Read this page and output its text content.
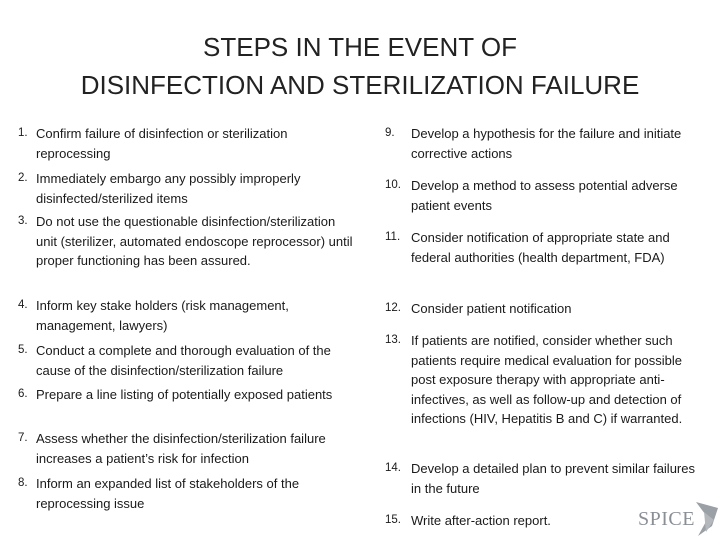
STEPS IN THE EVENT OF
DISINFECTION AND STERILIZATION FAILURE
1. Confirm failure of disinfection or sterilization reprocessing
2. Immediately embargo any possibly improperly disinfected/sterilized items
3. Do not use the questionable disinfection/sterilization unit (sterilizer, automated endoscope reprocessor) until proper functioning has been assured.
4. Inform key stake holders (risk management, management, lawyers)
5. Conduct a complete and thorough evaluation of the cause of the disinfection/sterilization failure
6. Prepare a line listing of potentially exposed patients
7. Assess whether the disinfection/sterilization failure increases a patient’s risk for infection
8. Inform an expanded list of stakeholders of the reprocessing issue
9. Develop a hypothesis for the failure and initiate corrective actions
10. Develop a method to assess potential adverse patient events
11. Consider notification of appropriate state and federal authorities (health department, FDA)
12. Consider patient notification
13. If patients are notified, consider whether such patients require medical evaluation for possible post exposure therapy with appropriate anti-infectives, as well as follow-up and detection of infections (HIV, Hepatitis B and C) if warranted.
14. Develop a detailed plan to prevent similar failures in the future
15. Write after-action report.	SPICE
